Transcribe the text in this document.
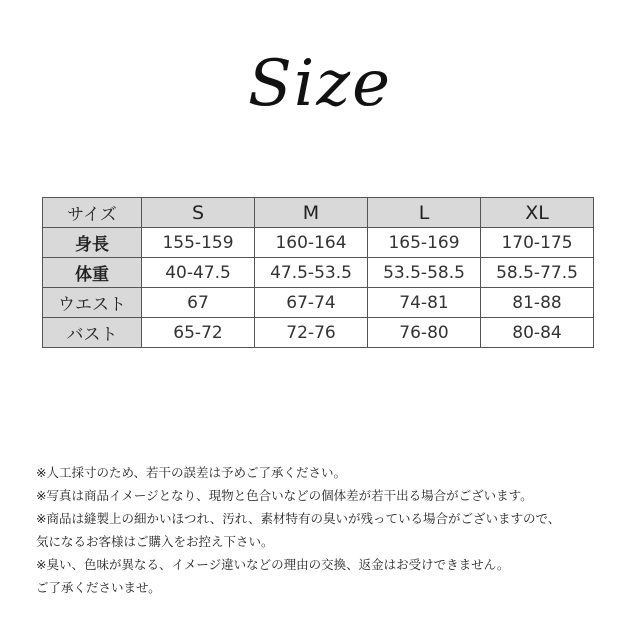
Size
サイズ	S	M	L	XL
身長	155-159	160-164	165-169	170-175
体重	40-47.5	47.5-53.5	53.5-58.5	58.5-77.5
ウエスト	67	67-74	74-81	81-88
バスト	65-72	72-76	76-80	80-84
※人工採寸のため、若干の誤差は予めご了承ください。
※写真は商品イメージとなり、現物と色合いなどの個体差が若干出る場合がございます。
※商品は縫製上の細かいほつれ、汚れ、素材特有の臭いが残っている場合がございますので、
気になるお客様はご購入をお控え下さい。
※臭い、色味が異なる、イメージ違いなどの理由の交換、返金はお受けできません。
ご了承くださいませ。
